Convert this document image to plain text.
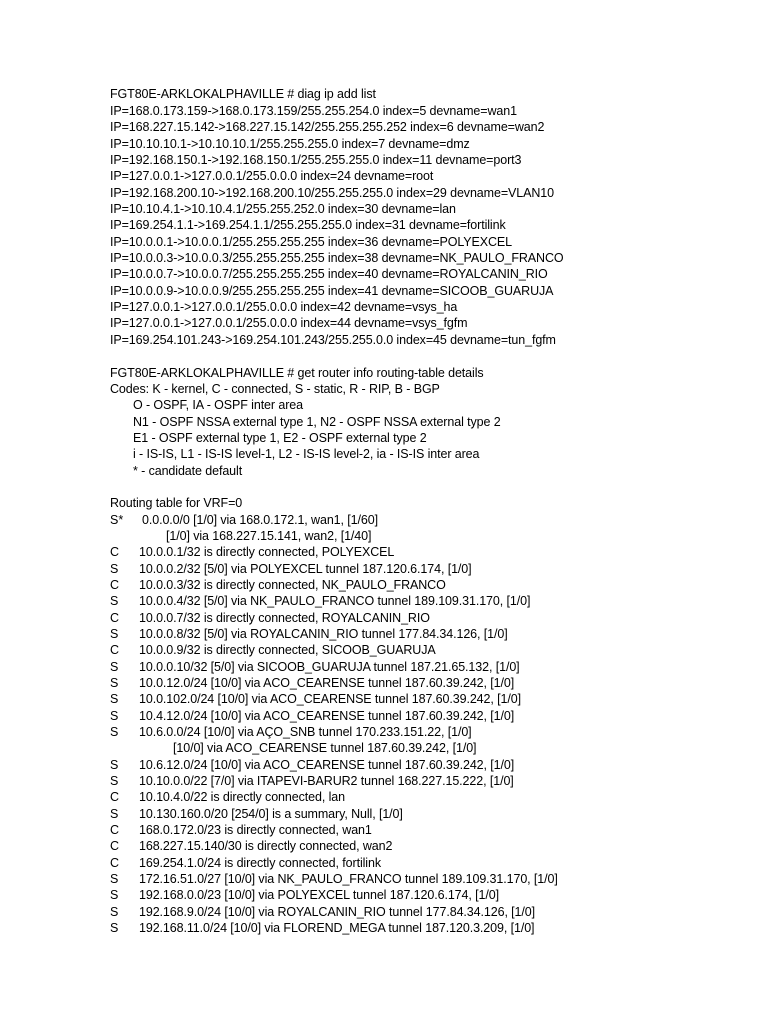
FGT80E-ARKLOKALPHAVILLE # diag ip add list
IP=168.0.173.159->168.0.173.159/255.255.254.0 index=5 devname=wan1
IP=168.227.15.142->168.227.15.142/255.255.255.252 index=6 devname=wan2
IP=10.10.10.1->10.10.10.1/255.255.255.0 index=7 devname=dmz
IP=192.168.150.1->192.168.150.1/255.255.255.0 index=11 devname=port3
IP=127.0.0.1->127.0.0.1/255.0.0.0 index=24 devname=root
IP=192.168.200.10->192.168.200.10/255.255.255.0 index=29 devname=VLAN10
IP=10.10.4.1->10.10.4.1/255.255.252.0 index=30 devname=lan
IP=169.254.1.1->169.254.1.1/255.255.255.0 index=31 devname=fortilink
IP=10.0.0.1->10.0.0.1/255.255.255.255 index=36 devname=POLYEXCEL
IP=10.0.0.3->10.0.0.3/255.255.255.255 index=38 devname=NK_PAULO_FRANCO
IP=10.0.0.7->10.0.0.7/255.255.255.255 index=40 devname=ROYALCANIN_RIO
IP=10.0.0.9->10.0.0.9/255.255.255.255 index=41 devname=SICOOB_GUARUJA
IP=127.0.0.1->127.0.0.1/255.0.0.0 index=42 devname=vsys_ha
IP=127.0.0.1->127.0.0.1/255.0.0.0 index=44 devname=vsys_fgfm
IP=169.254.101.243->169.254.101.243/255.255.0.0 index=45 devname=tun_fgfm
FGT80E-ARKLOKALPHAVILLE # get router info routing-table details
Codes: K - kernel, C - connected, S - static, R - RIP, B - BGP
O - OSPF, IA - OSPF inter area
N1 - OSPF NSSA external type 1, N2 - OSPF NSSA external type 2
E1 - OSPF external type 1, E2 - OSPF external type 2
i - IS-IS, L1 - IS-IS level-1, L2 - IS-IS level-2, ia - IS-IS inter area
* - candidate default
Routing table for VRF=0
S* 0.0.0.0/0 [1/0] via 168.0.172.1, wan1, [1/60]
[1/0] via 168.227.15.141, wan2, [1/40]
C 10.0.0.1/32 is directly connected, POLYEXCEL
S 10.0.0.2/32 [5/0] via POLYEXCEL tunnel 187.120.6.174, [1/0]
C 10.0.0.3/32 is directly connected, NK_PAULO_FRANCO
S 10.0.0.4/32 [5/0] via NK_PAULO_FRANCO tunnel 189.109.31.170, [1/0]
C 10.0.0.7/32 is directly connected, ROYALCANIN_RIO
S 10.0.0.8/32 [5/0] via ROYALCANIN_RIO tunnel 177.84.34.126, [1/0]
C 10.0.0.9/32 is directly connected, SICOOB_GUARUJA
S 10.0.0.10/32 [5/0] via SICOOB_GUARUJA tunnel 187.21.65.132, [1/0]
S 10.0.12.0/24 [10/0] via ACO_CEARENSE tunnel 187.60.39.242, [1/0]
S 10.0.102.0/24 [10/0] via ACO_CEARENSE tunnel 187.60.39.242, [1/0]
S 10.4.12.0/24 [10/0] via ACO_CEARENSE tunnel 187.60.39.242, [1/0]
S 10.6.0.0/24 [10/0] via AÇO_SNB tunnel 170.233.151.22, [1/0]
[10/0] via ACO_CEARENSE tunnel 187.60.39.242, [1/0]
S 10.6.12.0/24 [10/0] via ACO_CEARENSE tunnel 187.60.39.242, [1/0]
S 10.10.0.0/22 [7/0] via ITAPEVI-BARUR2 tunnel 168.227.15.222, [1/0]
C 10.10.4.0/22 is directly connected, lan
S 10.130.160.0/20 [254/0] is a summary, Null, [1/0]
C 168.0.172.0/23 is directly connected, wan1
C 168.227.15.140/30 is directly connected, wan2
C 169.254.1.0/24 is directly connected, fortilink
S 172.16.51.0/27 [10/0] via NK_PAULO_FRANCO tunnel 189.109.31.170, [1/0]
S 192.168.0.0/23 [10/0] via POLYEXCEL tunnel 187.120.6.174, [1/0]
S 192.168.9.0/24 [10/0] via ROYALCANIN_RIO tunnel 177.84.34.126, [1/0]
S 192.168.11.0/24 [10/0] via FLOREND_MEGA tunnel 187.120.3.209, [1/0]
